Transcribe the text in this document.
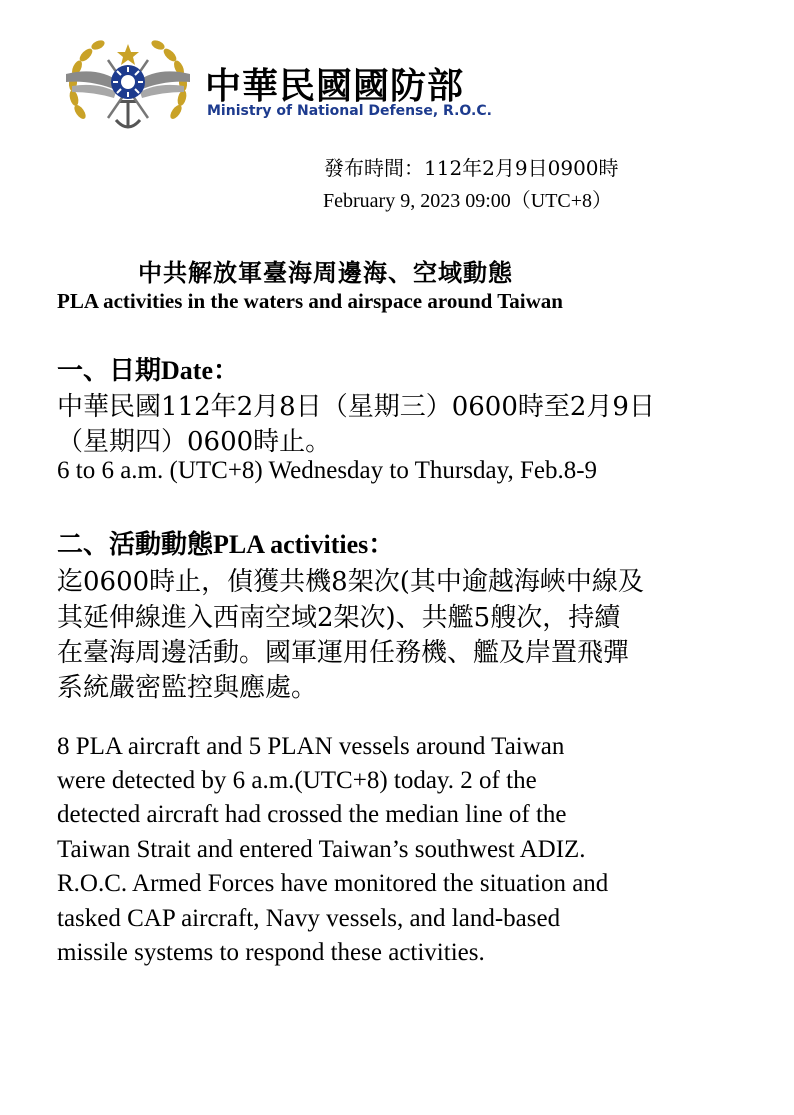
中華民國國防部
Ministry of National Defense, R.O.C.
發布時間：112年2月9日0900時
February 9, 2023 09:00（UTC+8）
中共解放軍臺海周邊海、空域動態
PLA activities in the waters and airspace around Taiwan
一、日期Date：
中華民國112年2月8日（星期三）0600時至2月9日
（星期四）0600時止。
6 to 6 a.m. (UTC+8) Wednesday to Thursday, Feb.8-9
二、活動動態PLA activities：
迄0600時止，偵獲共機8架次(其中逾越海峽中線及
其延伸線進入西南空域2架次)、共艦5艘次，持續
在臺海周邊活動。國軍運用任務機、艦及岸置飛彈
系統嚴密監控與應處。
8 PLA aircraft and 5 PLAN vessels around Taiwan
were detected by 6 a.m.(UTC+8) today. 2 of the
detected aircraft had crossed the median line of the
Taiwan Strait and entered Taiwan’s southwest ADIZ.
R.O.C. Armed Forces have monitored the situation and
tasked CAP aircraft, Navy vessels, and land-based
missile systems to respond these activities.
